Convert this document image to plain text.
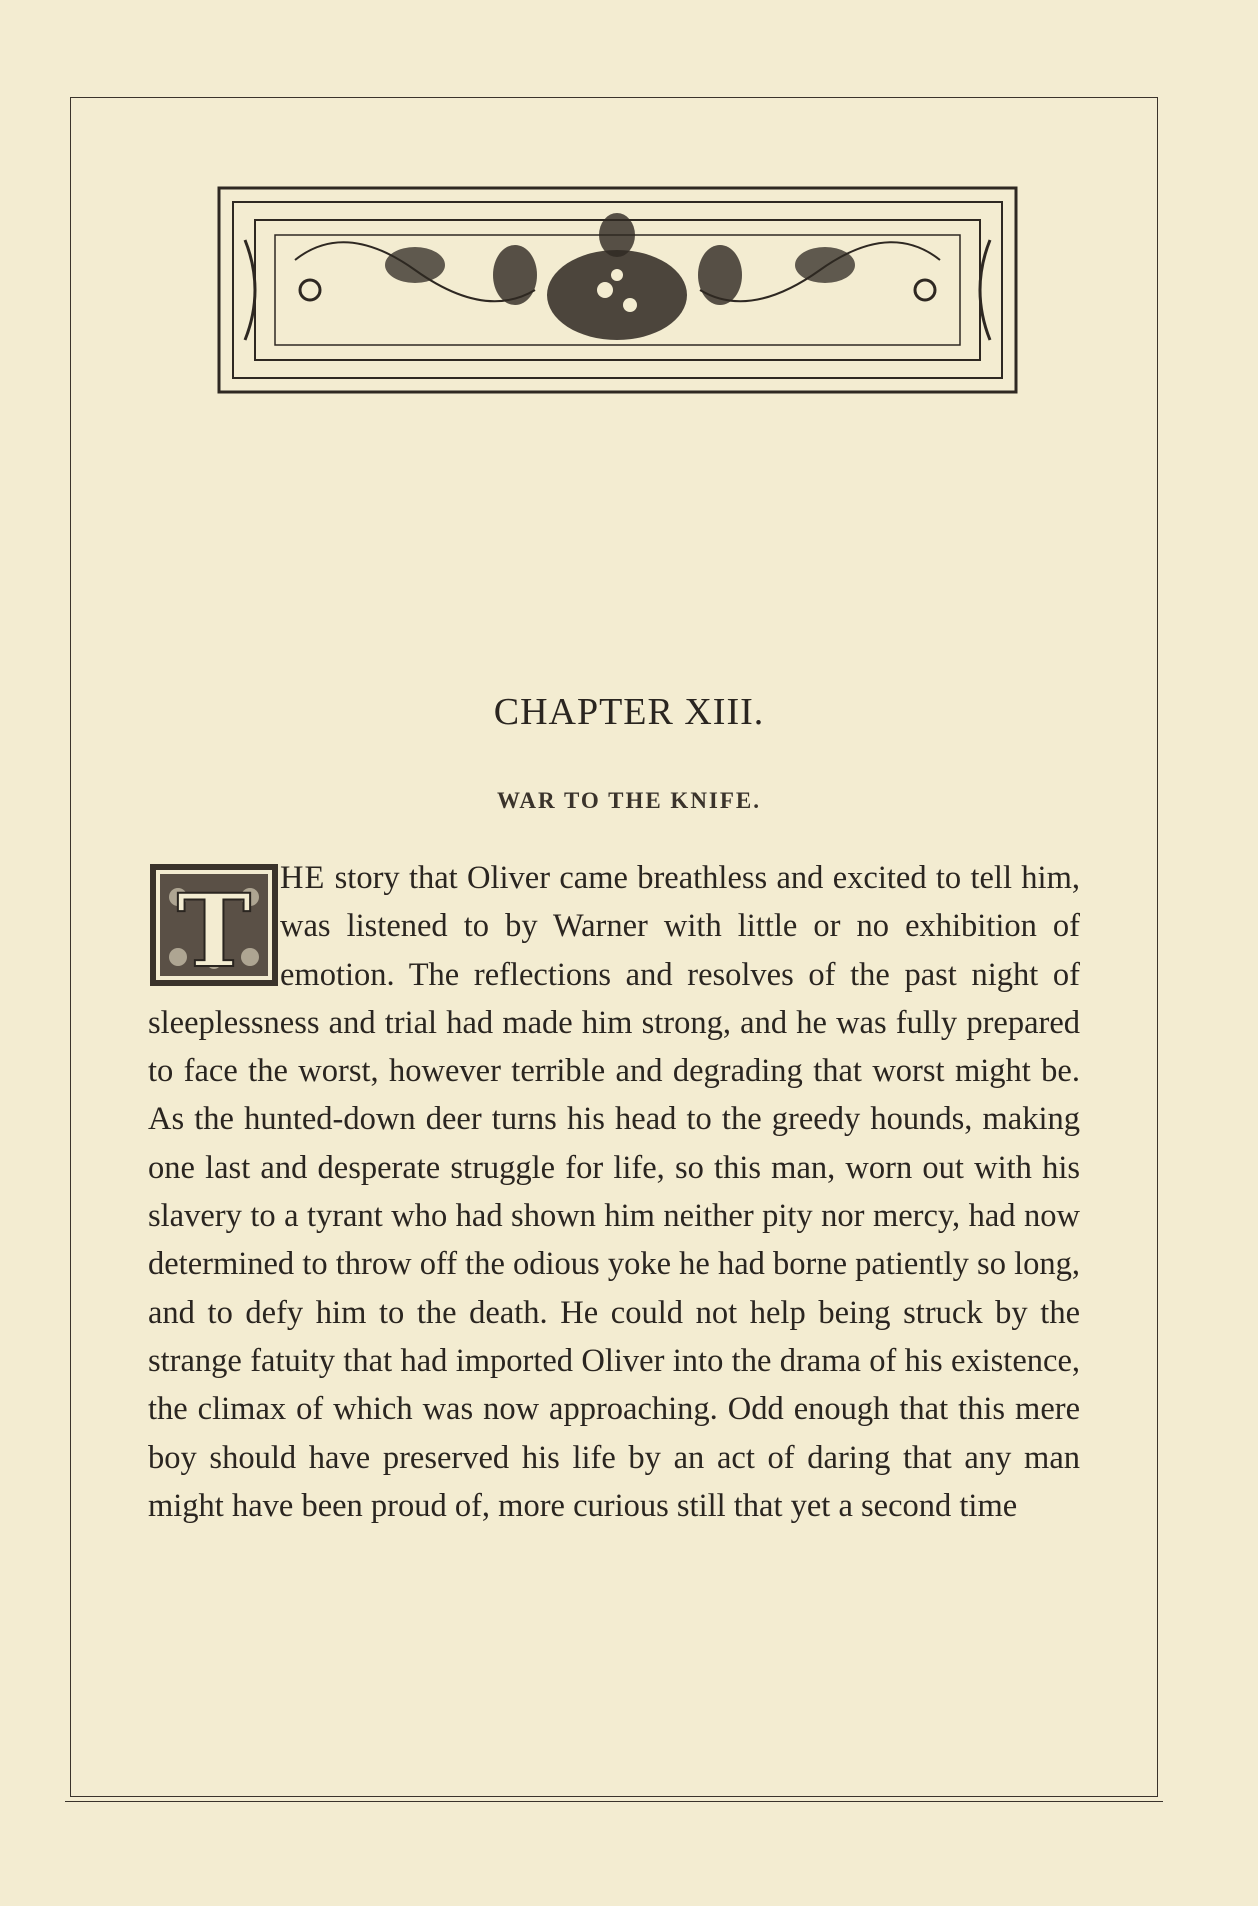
CHAPTER XIII.
WAR TO THE KNIFE.

HE story that Oliver came breathless and excited to tell him, was listened to by Warner with little or no exhibition of emotion. The reflections and resolves of the past night of sleeplessness and trial had made him strong, and he was fully prepared to face the worst, however terrible and degrading that worst might be. As the hunted-down deer turns his head to the greedy hounds, making one last and desperate struggle for life, so this man, worn out with his slavery to a tyrant who had shown him neither pity nor mercy, had now determined to throw off the odious yoke he had borne patiently so long, and to defy him to the death. He could not help being struck by the strange fatuity that had imported Oliver into the drama of his existence, the climax of which was now approaching. Odd enough that this mere boy should have preserved his life by an act of daring that any man might have been proud of, more curious still that yet a second time

T
